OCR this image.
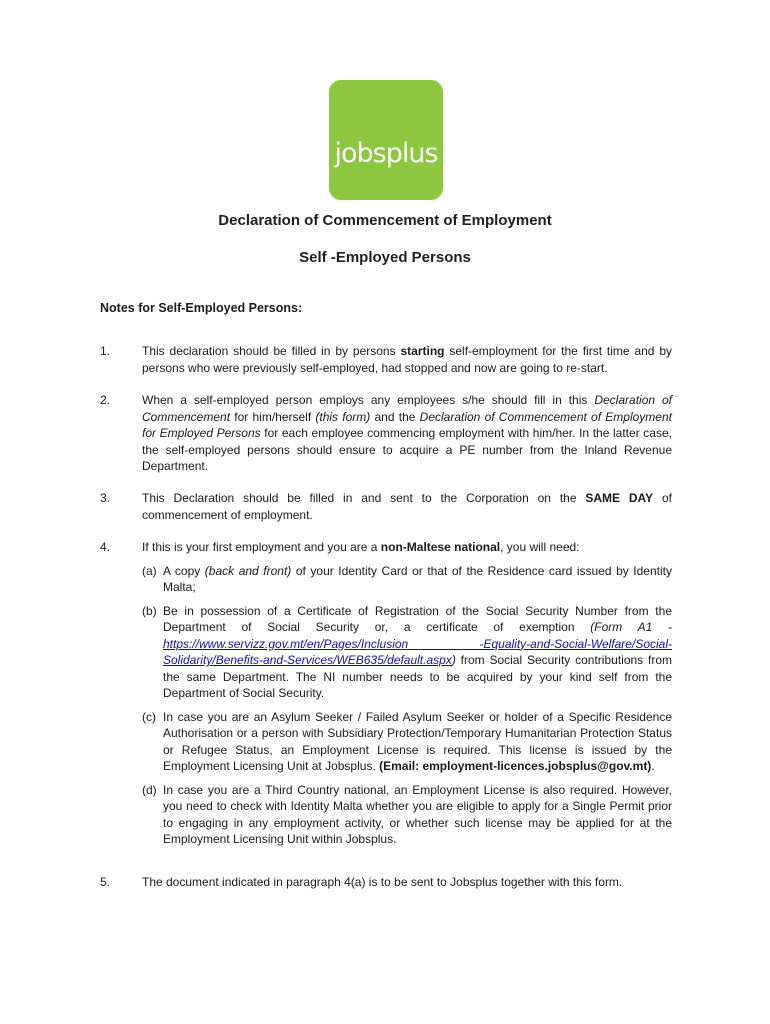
jobsplus
Declaration of Commencement of Employment
Self -Employed Persons
Notes for Self-Employed Persons:
1.	This declaration should be filled in by persons starting self-employment for the first time and by persons who were previously self-employed, had stopped and now are going to re-start.
2.	When a self-employed person employs any employees s/he should fill in this Declaration of Commencement for him/herself (this form) and the Declaration of Commencement of Employment for Employed Persons for each employee commencing employment with him/her. In the latter case, the self-employed persons should ensure to acquire a PE number from the Inland Revenue Department.
3.	This Declaration should be filled in and sent to the Corporation on the SAME DAY of commencement of employment.
4.	If this is your first employment and you are a non-Maltese national, you will need:
(a) A copy (back and front) of your Identity Card or that of the Residence card issued by Identity Malta;
(b) Be in possession of a Certificate of Registration of the Social Security Number from the Department of Social Security or, a certificate of exemption (Form A1 - https://www.servizz.gov.mt/en/Pages/Inclusion -Equality-and-Social-Welfare/Social-Solidarity/Benefits-and-Services/WEB635/default.aspx) from Social Security contributions from the same Department. The NI number needs to be acquired by your kind self from the Department of Social Security.
(c) In case you are an Asylum Seeker / Failed Asylum Seeker or holder of a Specific Residence Authorisation or a person with Subsidiary Protection/Temporary Humanitarian Protection Status or Refugee Status, an Employment License is required. This license is issued by the Employment Licensing Unit at Jobsplus. (Email: employment-licences.jobsplus@gov.mt).
(d) In case you are a Third Country national, an Employment License is also required. However, you need to check with Identity Malta whether you are eligible to apply for a Single Permit prior to engaging in any employment activity, or whether such license may be applied for at the Employment Licensing Unit within Jobsplus.
5.	The document indicated in paragraph 4(a) is to be sent to Jobsplus together with this form.
